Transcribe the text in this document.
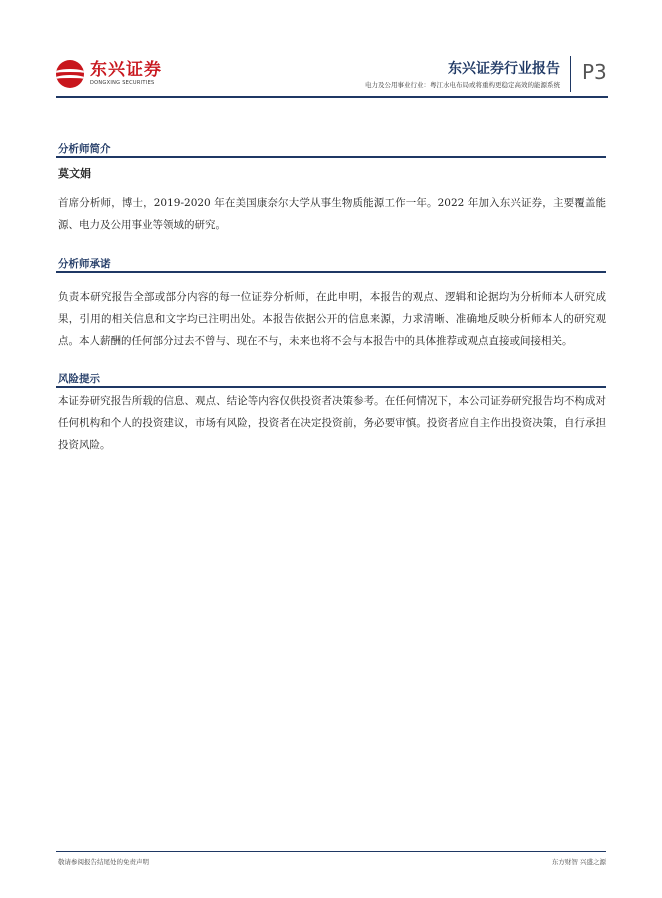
东兴证券
DONGXING SECURITIES
东兴证券行业报告
电力及公用事业行业：粤江水电布局或将重构更稳定高效的能源系统
P3
分析师简介
莫文娟
首席分析师，博士，2019-2020 年在美国康奈尔大学从事生物质能源工作一年。2022 年加入东兴证券，主要覆盖能源、电力及公用事业等领域的研究。
分析师承诺
负责本研究报告全部或部分内容的每一位证券分析师，在此申明，本报告的观点、逻辑和论据均为分析师本人研究成果，引用的相关信息和文字均已注明出处。本报告依据公开的信息来源，力求清晰、准确地反映分析师本人的研究观点。本人薪酬的任何部分过去不曾与、现在不与，未来也将不会与本报告中的具体推荐或观点直接或间接相关。
风险提示
本证券研究报告所载的信息、观点、结论等内容仅供投资者决策参考。在任何情况下，本公司证券研究报告均不构成对任何机构和个人的投资建议，市场有风险，投资者在决定投资前，务必要审慎。投资者应自主作出投资决策，自行承担投资风险。
敬请参阅报告结尾处的免责声明	东方财智 兴盛之源
